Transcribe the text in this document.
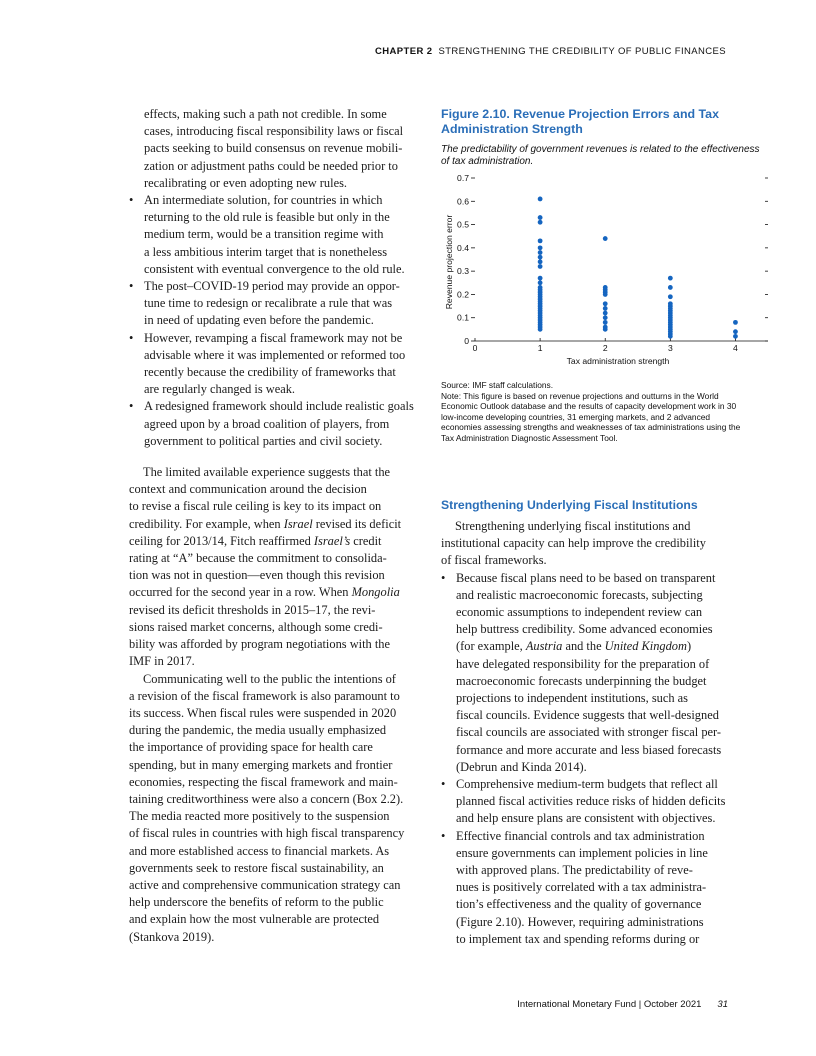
CHAPTER 2 STRENGTHENING THE CREDIBILITY OF PUBLIC FINANCES
effects, making such a path not credible. In some
cases, introducing fiscal responsibility laws or fiscal
pacts seeking to build consensus on revenue mobili-
zation or adjustment paths could be needed prior to
recalibrating or even adopting new rules.
• An intermediate solution, for countries in which
returning to the old rule is feasible but only in the
medium term, would be a transition regime with
a less ambitious interim target that is nonetheless
consistent with eventual convergence to the old rule.
• The post–COVID-19 period may provide an oppor-
tune time to redesign or recalibrate a rule that was
in need of updating even before the pandemic.
• However, revamping a fiscal framework may not be
advisable where it was implemented or reformed too
recently because the credibility of frameworks that
are regularly changed is weak.
• A redesigned framework should include realistic goals
agreed upon by a broad coalition of players, from
government to political parties and civil society.
The limited available experience suggests that the
context and communication around the decision
to revise a fiscal rule ceiling is key to its impact on
credibility. For example, when Israel revised its deficit
ceiling for 2013/14, Fitch reaffirmed Israel’s credit
rating at “A” because the commitment to consolida-
tion was not in question—even though this revision
occurred for the second year in a row. When Mongolia
revised its deficit thresholds in 2015–17, the revi-
sions raised market concerns, although some credi-
bility was afforded by program negotiations with the
IMF in 2017.
Communicating well to the public the intentions of
a revision of the fiscal framework is also paramount to
its success. When fiscal rules were suspended in 2020
during the pandemic, the media usually emphasized
the importance of providing space for health care
spending, but in many emerging markets and frontier
economies, respecting the fiscal framework and main-
taining creditworthiness were also a concern (Box 2.2).
The media reacted more positively to the suspension
of fiscal rules in countries with high fiscal transparency
and more established access to financial markets. As
governments seek to restore fiscal sustainability, an
active and comprehensive communication strategy can
help underscore the benefits of reform to the public
and explain how the most vulnerable are protected
(Stankova 2019).
Figure 2.10. Revenue Projection Errors and Tax
Administration Strength
The predictability of government revenues is related to the effectiveness
of tax administration.
0
0.1
0.2
0.3
0.4
0.5
0.6
0.7
0	1	2	3	4
Revenue projection error
Tax administration strength
Source: IMF staff calculations.
Note: This figure is based on revenue projections and outturns in the World
Economic Outlook database and the results of capacity development work in 30
low-income developing countries, 31 emerging markets, and 2 advanced
economies assessing strengths and weaknesses of tax administrations using the
Tax Administration Diagnostic Assessment Tool.
Strengthening Underlying Fiscal Institutions
Strengthening underlying fiscal institutions and
institutional capacity can help improve the credibility
of fiscal frameworks.
• Because fiscal plans need to be based on transparent
and realistic macroeconomic forecasts, subjecting
economic assumptions to independent review can
help buttress credibility. Some advanced economies
(for example, Austria and the United Kingdom)
have delegated responsibility for the preparation of
macroeconomic forecasts underpinning the budget
projections to independent institutions, such as
fiscal councils. Evidence suggests that well-designed
fiscal councils are associated with stronger fiscal per-
formance and more accurate and less biased forecasts
(Debrun and Kinda 2014).
• Comprehensive medium-term budgets that reflect all
planned fiscal activities reduce risks of hidden deficits
and help ensure plans are consistent with objectives.
• Effective financial controls and tax administration
ensure governments can implement policies in line
with approved plans. The predictability of reve-
nues is positively correlated with a tax administra-
tion’s effectiveness and the quality of governance
(Figure 2.10). However, requiring administrations
to implement tax and spending reforms during or
International Monetary Fund | October 2021 31
